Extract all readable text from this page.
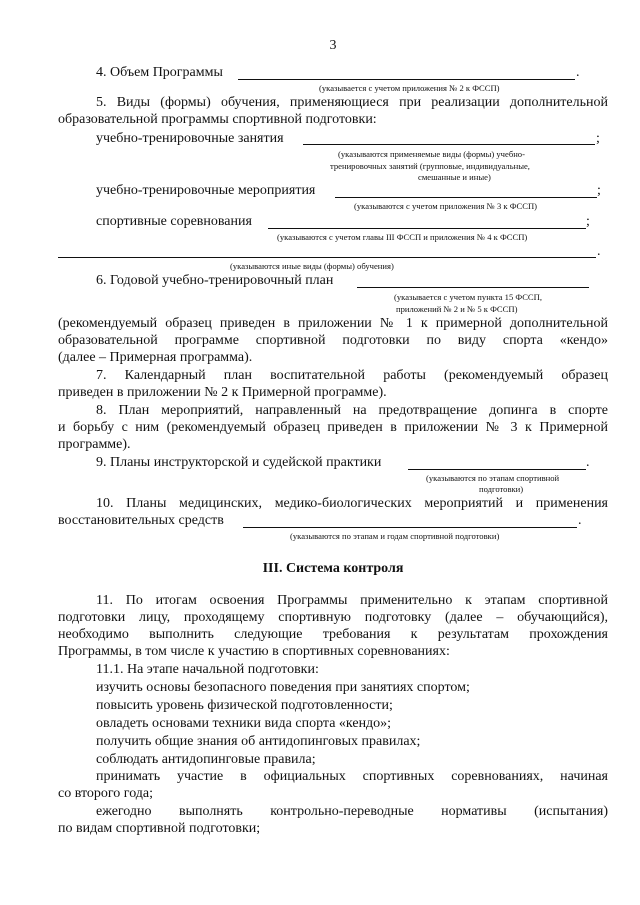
3
4. Объем Программы	.
(указывается с учетом приложения № 2 к ФССП)
5. Виды (формы) обучения, применяющиеся при реализации дополнительной
образовательной программы спортивной подготовки:
учебно-тренировочные занятия	;
(указываются применяемые виды (формы) учебно-
тренировочных занятий (групповые, индивидуальные,
смешанные и иные)
учебно-тренировочные мероприятия	;
(указываются с учетом приложения № 3 к ФССП)
спортивные соревнования	;
(указываются с учетом главы III ФССП и приложения № 4 к ФССП)
.
(указываются иные виды (формы) обучения)
6. Годовой учебно-тренировочный план
(указывается с учетом пункта 15 ФССП,
приложений № 2 и № 5 к ФССП)
(рекомендуемый образец приведен в приложении № 1 к примерной дополнительной
образовательной программе спортивной подготовки по виду спорта «кендо»
(далее – Примерная программа).
7. Календарный план воспитательной работы (рекомендуемый образец
приведен в приложении № 2 к Примерной программе).
8. План мероприятий, направленный на предотвращение допинга в спорте
и борьбу с ним (рекомендуемый образец приведен в приложении № 3 к Примерной
программе).
9. Планы инструкторской и судейской практики	.
(указываются по этапам спортивной
подготовки)
10. Планы медицинских, медико-биологических мероприятий и применения
восстановительных средств	.
(указываются по этапам и годам спортивной подготовки)
III. Система контроля
11. По итогам освоения Программы применительно к этапам спортивной
подготовки лицу, проходящему спортивную подготовку (далее – обучающийся),
необходимо выполнить следующие требования к результатам прохождения
Программы, в том числе к участию в спортивных соревнованиях:
11.1. На этапе начальной подготовки:
изучить основы безопасного поведения при занятиях спортом;
повысить уровень физической подготовленности;
овладеть основами техники вида спорта «кендо»;
получить общие знания об антидопинговых правилах;
соблюдать антидопинговые правила;
принимать участие в официальных спортивных соревнованиях, начиная
со второго года;
ежегодно выполнять контрольно-переводные нормативы (испытания)
по видам спортивной подготовки;
